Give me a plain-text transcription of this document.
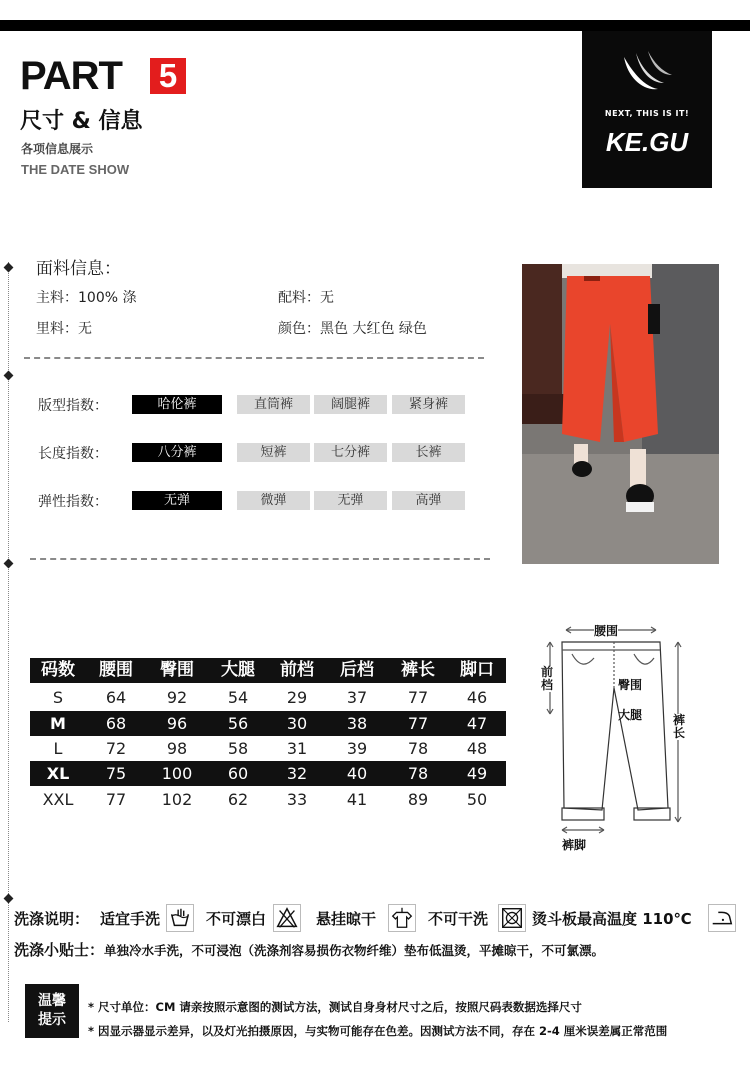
NEXT, THIS IS IT!
KE.GU
PART 5
尺寸 & 信息
各项信息展示
THE DATE SHOW
面料信息：
主料：100% 涤	配料：无
里料：无	颜色：黑色 大红色 绿色
版型指数：	哈伦裤	直筒裤	阔腿裤	紧身裤
长度指数：	八分裤	短裤	七分裤	长裤
弹性指数：	无弹	微弹	无弹	高弹
码数	腰围	臀围	大腿	前档	后档	裤长	脚口
S	64	92	54	29	37	77	46
M	68	96	56	30	38	77	47
L	72	98	58	31	39	78	48
XL	75	100	60	32	40	78	49
XXL	77	102	62	33	41	89	50
腰围
前档	臀围
大腿	裤长
裤脚
洗涤说明： 适宜手洗	不可漂白	悬挂晾干	不可干洗	烫斗板最高温度 110℃
洗涤小贴士： 单独冷水手洗，不可浸泡（洗涤剂容易损伤衣物纤维）垫布低温烫，平摊晾干，不可氯漂。
温馨
提示
* 尺寸单位：CM 请亲按照示意图的测试方法，测试自身身材尺寸之后，按照尺码表数据选择尺寸
* 因显示器显示差异，以及灯光拍摄原因，与实物可能存在色差。因测试方法不同，存在 2-4 厘米误差属正常范围
